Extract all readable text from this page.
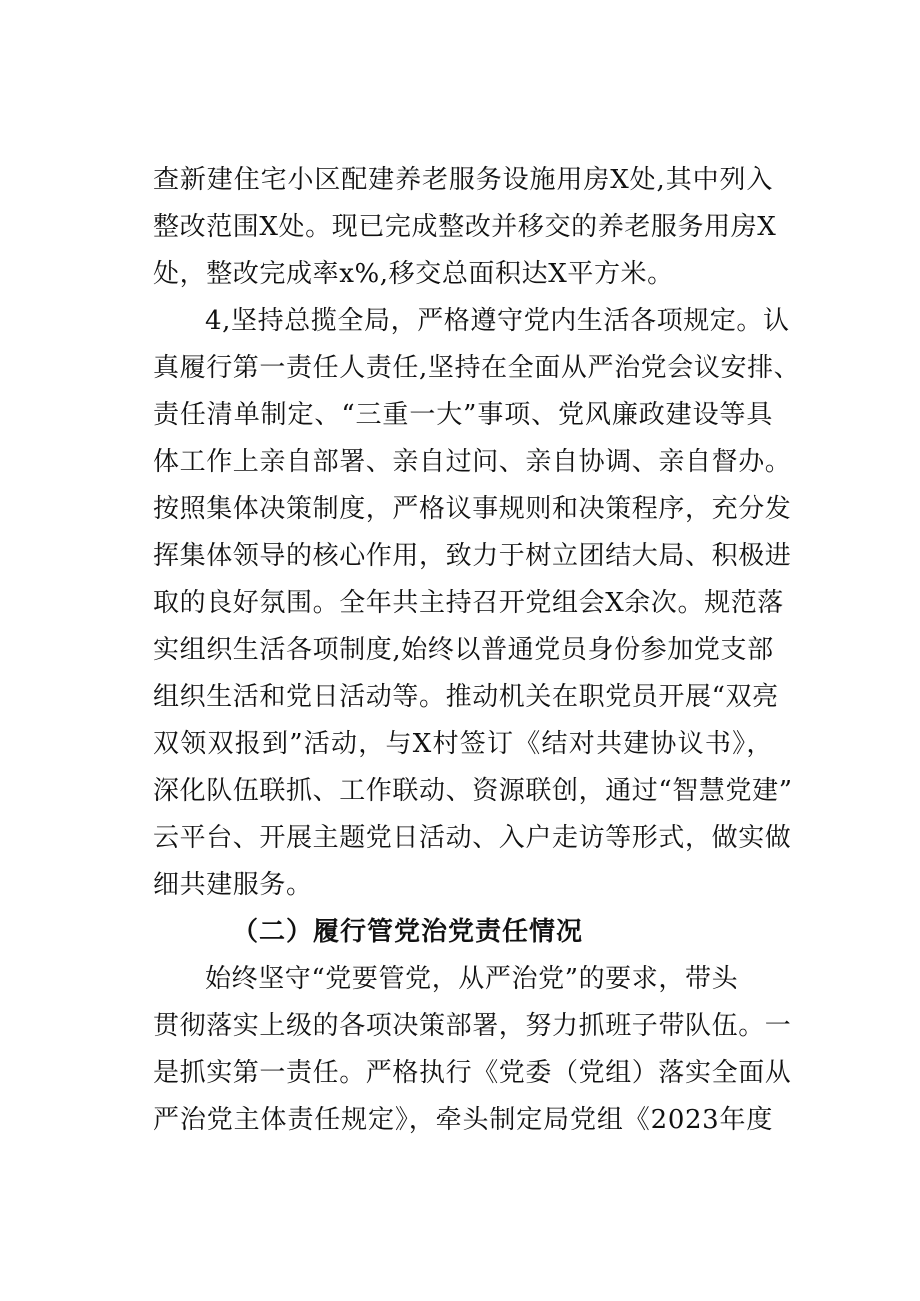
查新建住宅小区配建养老服务设施用房X处,其中列入
整改范围X处。现已完成整改并移交的养老服务用房X
处，整改完成率x%,移交总面积达X平方米。
4,坚持总揽全局，严格遵守党内生活各项规定。认
真履行第一责任人责任,坚持在全面从严治党会议安排、
责任清单制定、“三重一大”事项、党风廉政建设等具
体工作上亲自部署、亲自过问、亲自协调、亲自督办。
按照集体决策制度，严格议事规则和决策程序，充分发
挥集体领导的核心作用，致力于树立团结大局、积极进
取的良好氛围。全年共主持召开党组会X余次。规范落
实组织生活各项制度,始终以普通党员身份参加党支部
组织生活和党日活动等。推动机关在职党员开展“双亮
双领双报到”活动，与X村签订《结对共建协议书》，
深化队伍联抓、工作联动、资源联创，通过“智慧党建”
云平台、开展主题党日活动、入户走访等形式，做实做
细共建服务。
（二）履行管党治党责任情况
始终坚守“党要管党，从严治党”的要求，带头
贯彻落实上级的各项决策部署，努力抓班子带队伍。一
是抓实第一责任。严格执行《党委（党组）落实全面从
严治党主体责任规定》，牵头制定局党组《2023年度
